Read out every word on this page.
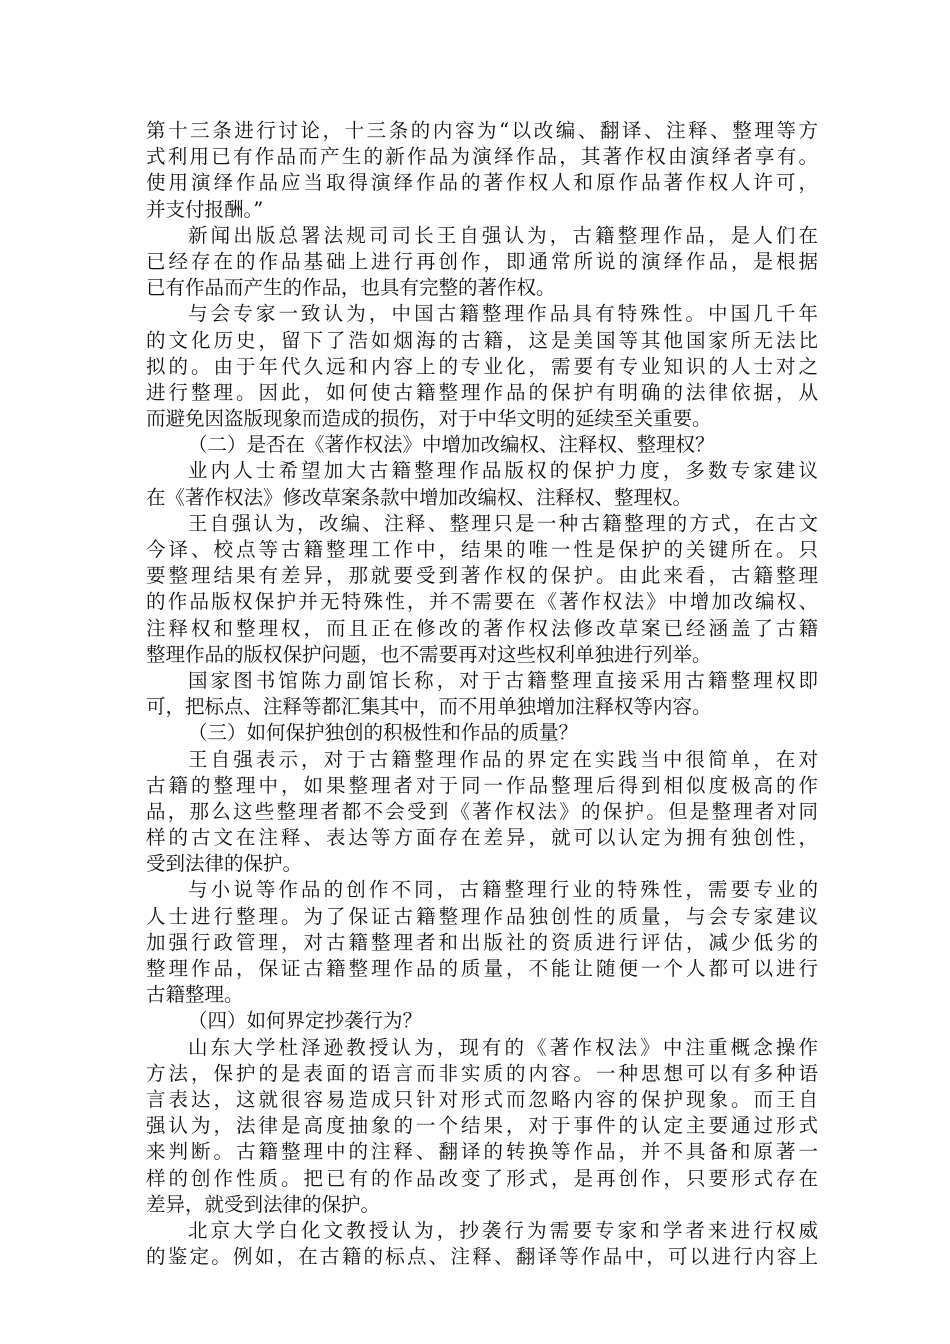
第十三条进行讨论，十三条的内容为“以改编、翻译、注释、整理等方
式利用已有作品而产生的新作品为演绎作品，其著作权由演绎者享有。
使用演绎作品应当取得演绎作品的著作权人和原作品著作权人许可，
并支付报酬。”
新闻出版总署法规司司长王自强认为，古籍整理作品，是人们在
已经存在的作品基础上进行再创作，即通常所说的演绎作品，是根据
已有作品而产生的作品，也具有完整的著作权。
与会专家一致认为，中国古籍整理作品具有特殊性。中国几千年
的文化历史，留下了浩如烟海的古籍，这是美国等其他国家所无法比
拟的。由于年代久远和内容上的专业化，需要有专业知识的人士对之
进行整理。因此，如何使古籍整理作品的保护有明确的法律依据，从
而避免因盗版现象而造成的损伤，对于中华文明的延续至关重要。
（二）是否在《著作权法》中增加改编权、注释权、整理权？
业内人士希望加大古籍整理作品版权的保护力度，多数专家建议
在《著作权法》修改草案条款中增加改编权、注释权、整理权。
王自强认为，改编、注释、整理只是一种古籍整理的方式，在古文
今译、校点等古籍整理工作中，结果的唯一性是保护的关键所在。只
要整理结果有差异，那就要受到著作权的保护。由此来看，古籍整理
的作品版权保护并无特殊性，并不需要在《著作权法》中增加改编权、
注释权和整理权，而且正在修改的著作权法修改草案已经涵盖了古籍
整理作品的版权保护问题，也不需要再对这些权利单独进行列举。
国家图书馆陈力副馆长称，对于古籍整理直接采用古籍整理权即
可，把标点、注释等都汇集其中，而不用单独增加注释权等内容。
（三）如何保护独创的积极性和作品的质量？
王自强表示，对于古籍整理作品的界定在实践当中很简单，在对
古籍的整理中，如果整理者对于同一作品整理后得到相似度极高的作
品，那么这些整理者都不会受到《著作权法》的保护。但是整理者对同
样的古文在注释、表达等方面存在差异，就可以认定为拥有独创性，
受到法律的保护。
与小说等作品的创作不同，古籍整理行业的特殊性，需要专业的
人士进行整理。为了保证古籍整理作品独创性的质量，与会专家建议
加强行政管理，对古籍整理者和出版社的资质进行评估，减少低劣的
整理作品，保证古籍整理作品的质量，不能让随便一个人都可以进行
古籍整理。
（四）如何界定抄袭行为？
山东大学杜泽逊教授认为，现有的《著作权法》中注重概念操作
方法，保护的是表面的语言而非实质的内容。一种思想可以有多种语
言表达，这就很容易造成只针对形式而忽略内容的保护现象。而王自
强认为，法律是高度抽象的一个结果，对于事件的认定主要通过形式
来判断。古籍整理中的注释、翻译的转换等作品，并不具备和原著一
样的创作性质。把已有的作品改变了形式，是再创作，只要形式存在
差异，就受到法律的保护。
北京大学白化文教授认为，抄袭行为需要专家和学者来进行权威
的鉴定。例如，在古籍的标点、注释、翻译等作品中，可以进行内容上
